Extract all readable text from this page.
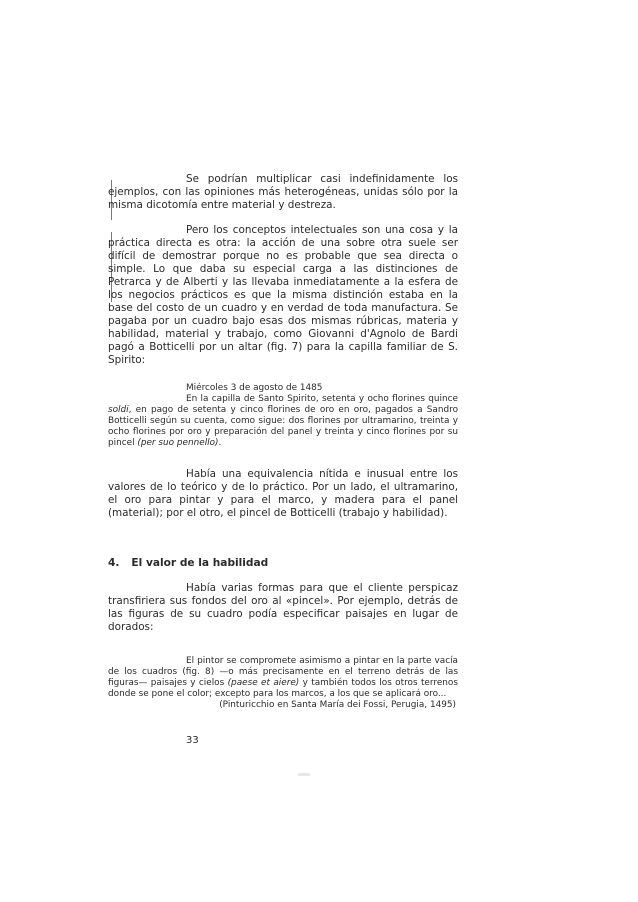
Se podrían multiplicar casi indefinidamente los ejemplos, con las opiniones más heterogéneas, unidas sólo por la misma dicotomía entre material y destreza.

Pero los conceptos intelectuales son una cosa y la práctica directa es otra: la acción de una sobre otra suele ser difícil de demostrar porque no es probable que sea directa o simple. Lo que daba su especial carga a las distinciones de Petrarca y de Alberti y las llevaba inmediatamente a la esfera de los negocios prácticos es que la misma distinción estaba en la base del costo de un cuadro y en verdad de toda manufactura. Se pagaba por un cuadro bajo esas dos mismas rúbricas, materia y habilidad, material y trabajo, como Giovanni d'Agnolo de Bardi pagó a Botticelli por un altar (fig. 7) para la capilla familiar de S. Spirito:

Miércoles 3 de agosto de 1485

En la capilla de Santo Spirito, setenta y ocho florines quince soldi, en pago de setenta y cinco florines de oro en oro, pagados a Sandro Botticelli según su cuenta, como sigue: dos florines por ultramarino, treinta y ocho florines por oro y preparación del panel y treinta y cinco florines por su pincel (per suo pennello).

Había una equivalencia nítida e inusual entre los valores de lo teórico y de lo práctico. Por un lado, el ultramarino, el oro para pintar y para el marco, y madera para el panel (material); por el otro, el pincel de Botticelli (trabajo y habilidad).

4. El valor de la habilidad

Había varias formas para que el cliente perspicaz transfiriera sus fondos del oro al «pincel». Por ejemplo, detrás de las figuras de su cuadro podía especificar paisajes en lugar de dorados:

El pintor se compromete asimismo a pintar en la parte vacía de los cuadros (fig. 8) —o más precisamente en el terreno detrás de las figuras— paisajes y cielos (paese et aiere) y también todos los otros terrenos donde se pone el color; excepto para los marcos, a los que se aplicará oro...

(Pinturicchio en Santa María dei Fossi, Perugia, 1495)

33
